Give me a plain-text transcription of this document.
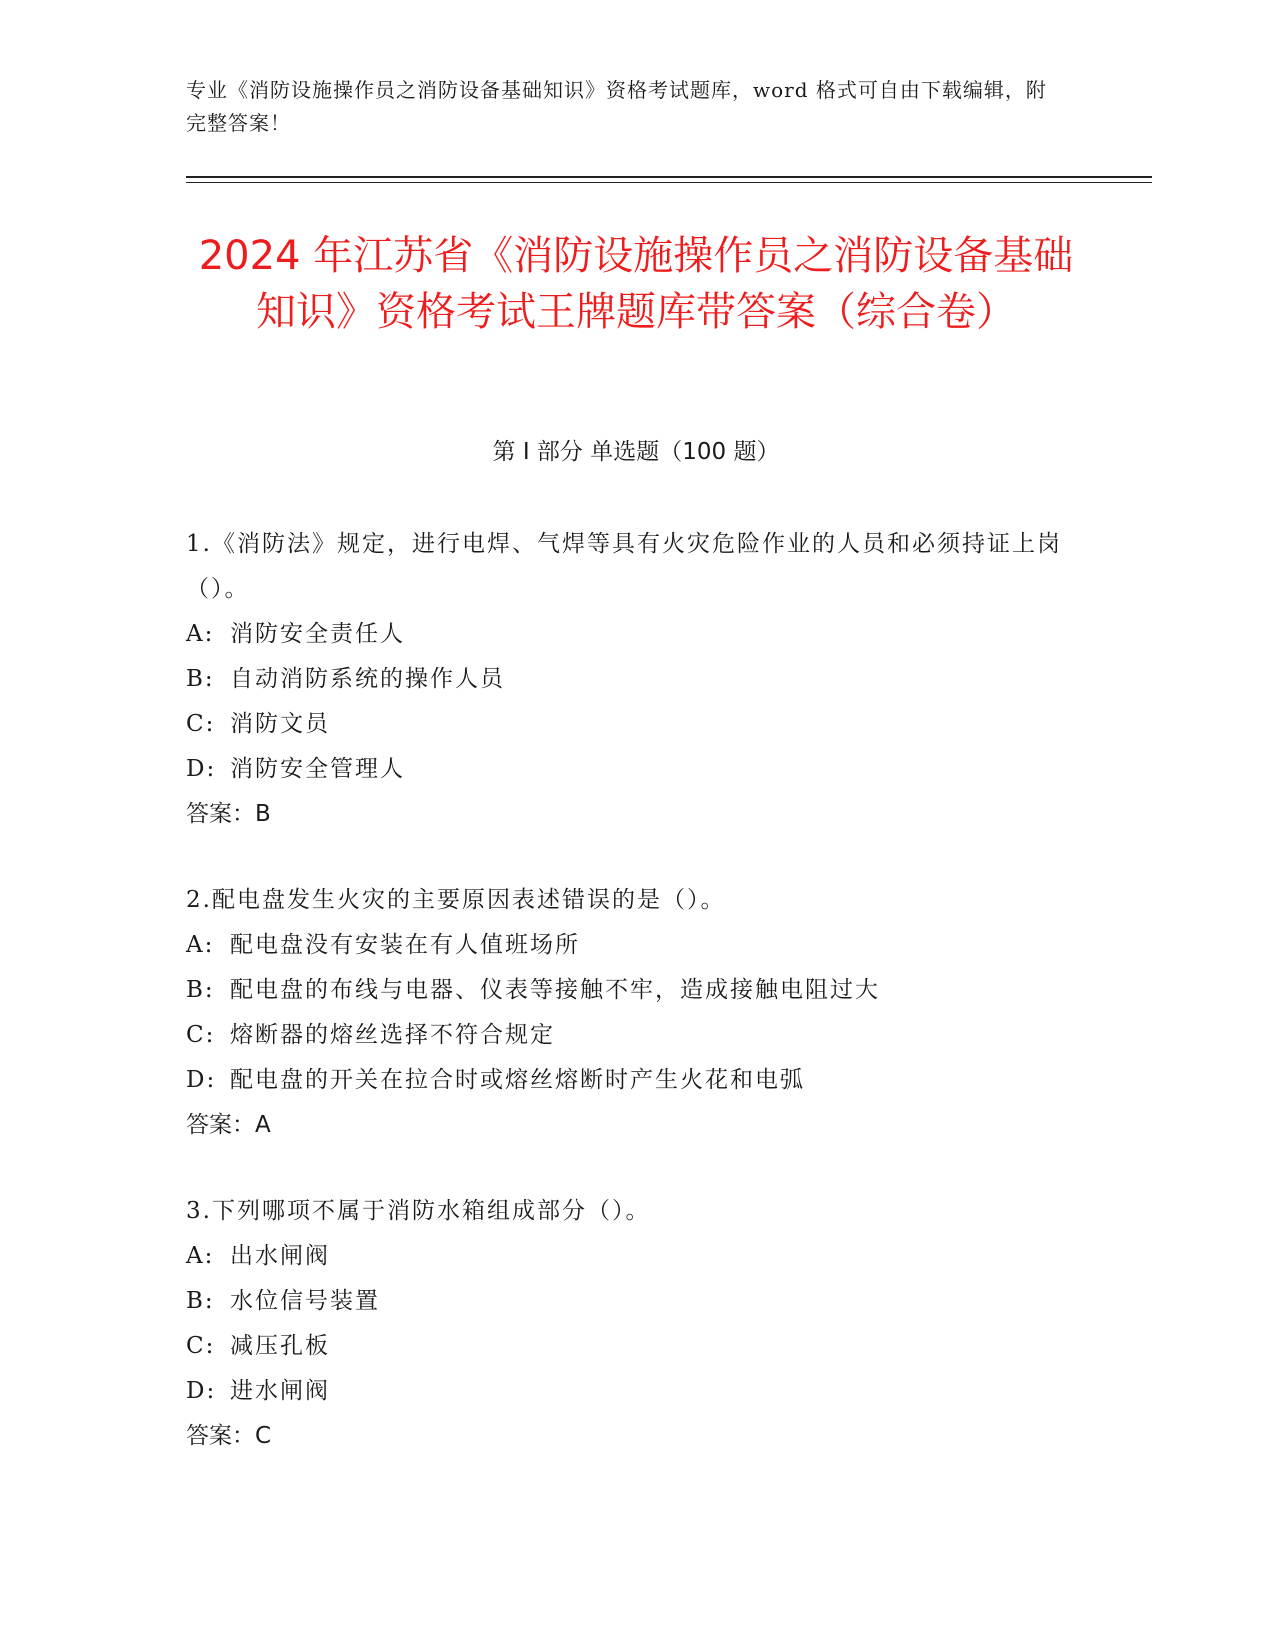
专业《消防设施操作员之消防设备基础知识》资格考试题库，word 格式可自由下载编辑，附完整答案！
2024 年江苏省《消防设施操作员之消防设备基础知识》资格考试王牌题库带答案（综合卷）
第 I 部分 单选题（100 题）

1.《消防法》规定，进行电焊、气焊等具有火灾危险作业的人员和必须持证上岗（）。

A: 消防安全责任人

B: 自动消防系统的操作人员

C: 消防文员

D: 消防安全管理人

答案：B

2.配电盘发生火灾的主要原因表述错误的是（）。

A: 配电盘没有安装在有人值班场所

B: 配电盘的布线与电器、仪表等接触不牢，造成接触电阻过大

C: 熔断器的熔丝选择不符合规定

D: 配电盘的开关在拉合时或熔丝熔断时产生火花和电弧

答案：A

3.下列哪项不属于消防水箱组成部分（）。

A: 出水闸阀

B: 水位信号装置

C: 减压孔板

D: 进水闸阀

答案：C
